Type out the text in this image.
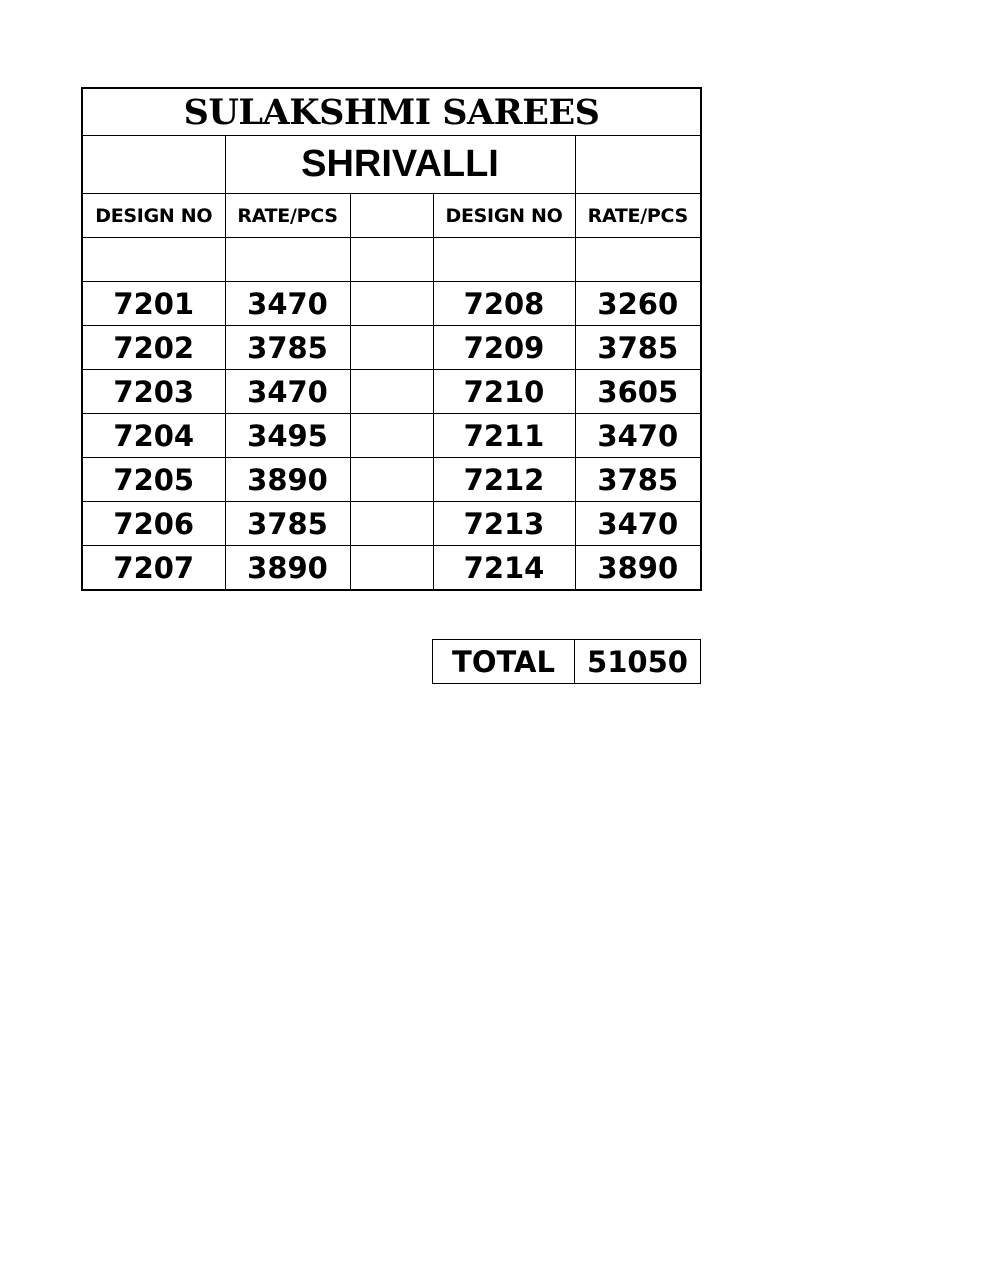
SULAKSHMI SAREES				
	SHRIVALLI			
DESIGN NO	RATE/PCS		DESIGN NO	RATE/PCS

7201	3470		7208	3260
7202	3785		7209	3785
7203	3470		7210	3605
7204	3495		7211	3470
7205	3890		7212	3785
7206	3785		7213	3470
7207	3890		7214	3890
TOTAL	51050
